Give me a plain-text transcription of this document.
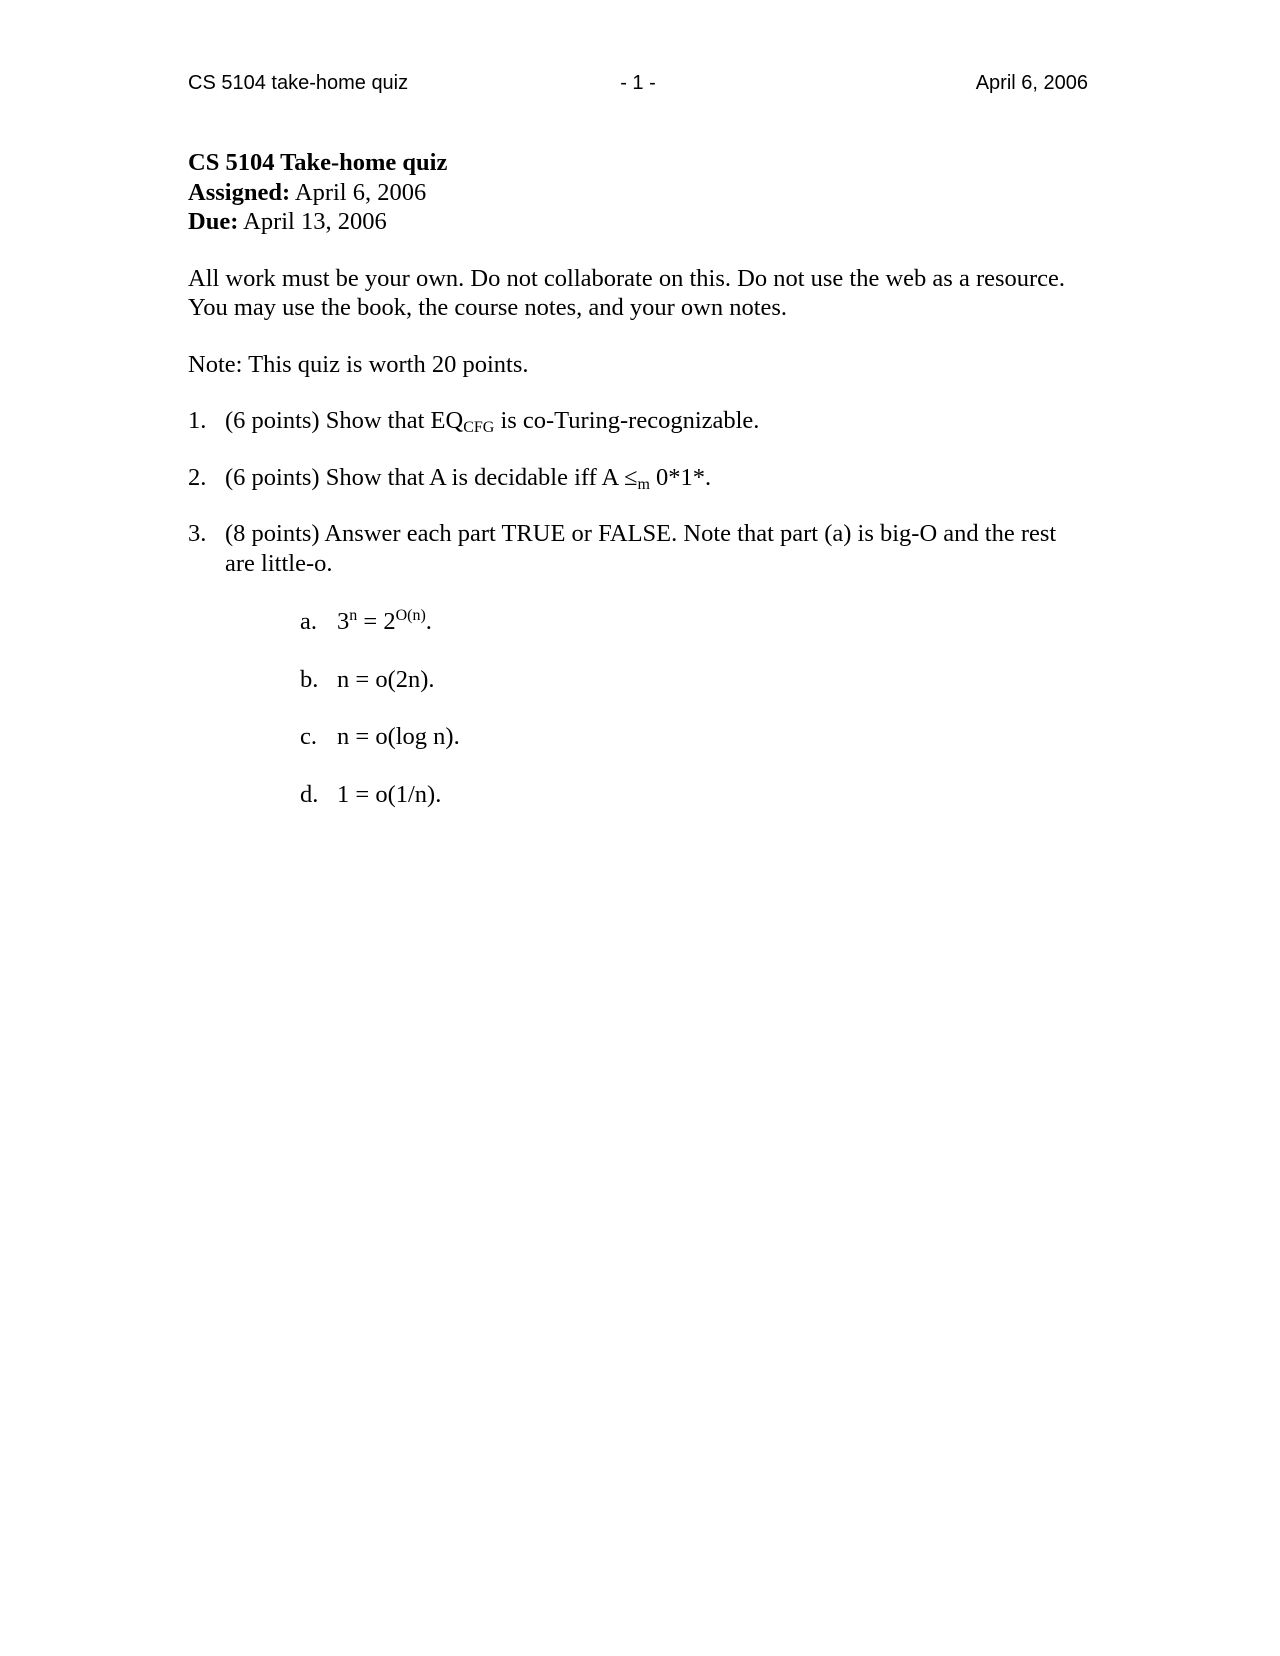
CS 5104 take-home quiz	- 1 -	April 6, 2006
CS 5104 Take-home quiz
Assigned: April 6, 2006
Due: April 13, 2006
All work must be your own. Do not collaborate on this. Do not use the web as a resource.
You may use the book, the course notes, and your own notes.
Note: This quiz is worth 20 points.
1. (6 points) Show that $EQ_{CFG}$ is co-Turing-recognizable.
2. (6 points) Show that A is decidable iff $A \le_m$ 0*1*.
3. (8 points) Answer each part TRUE or FALSE. Note that part (a) is big-O and the rest are little-o.
a. $3^n = 2^{O(n)}$.
b. n = o(2n).
c. n = o(log n).
d. 1 = o(1/n).
